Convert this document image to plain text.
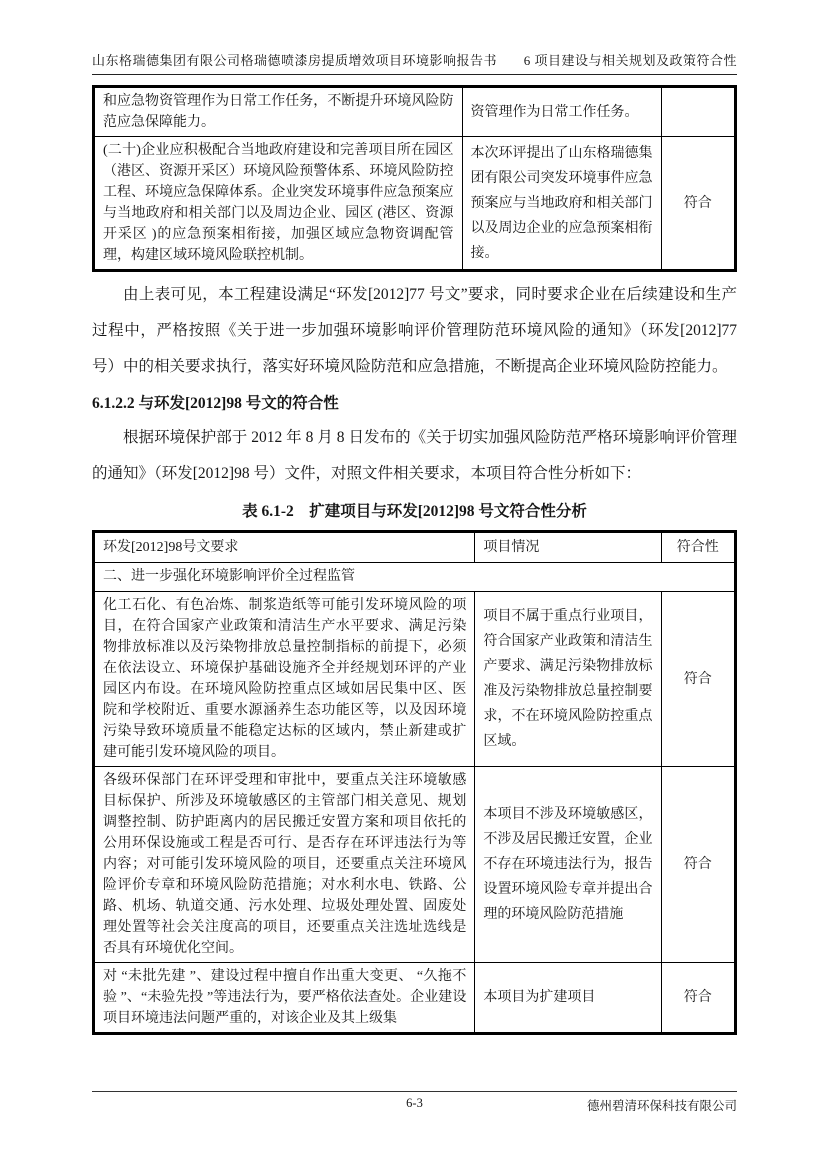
山东格瑞德集团有限公司格瑞德喷漆房提质增效项目环境影响报告书 6 项目建设与相关规划及政策符合性
和应急物资管理作为日常工作任务，不断提升环境风险防范应急保障能力。	资管理作为日常工作任务。	
(二十)企业应积极配合当地政府建设和完善项目所在园区（港区、资源开采区）环境风险预警体系、环境风险防控工程、环境应急保障体系。企业突发环境事件应急预案应与当地政府和相关部门以及周边企业、园区 (港区、资源开采区 )的应急预案相衔接，加强区域应急物资调配管理，构建区域环境风险联控机制。	本次环评提出了山东格瑞德集团有限公司突发环境事件应急预案应与当地政府和相关部门以及周边企业的应急预案相衔接。	符合

由上表可见，本工程建设满足“环发[2012]77 号文”要求，同时要求企业在后续建设和生产过程中，严格按照《关于进一步加强环境影响评价管理防范环境风险的通知》（环发[2012]77 号）中的相关要求执行，落实好环境风险防范和应急措施，不断提高企业环境风险防控能力。

6.1.2.2 与环发[2012]98 号文的符合性

根据环境保护部于 2012 年 8 月 8 日发布的《关于切实加强风险防范严格环境影响评价管理的通知》（环发[2012]98 号）文件，对照文件相关要求，本项目符合性分析如下：

表 6.1-2　扩建项目与环发[2012]98 号文符合性分析
环发[2012]98号文要求	项目情况	符合性
二、进一步强化环境影响评价全过程监管		
化工石化、有色冶炼、制浆造纸等可能引发环境风险的项目，在符合国家产业政策和清洁生产水平要求、满足污染物排放标准以及污染物排放总量控制指标的前提下，必须在依法设立、环境保护基础设施齐全并经规划环评的产业园区内布设。在环境风险防控重点区域如居民集中区、医院和学校附近、重要水源涵养生态功能区等，以及因环境污染导致环境质量不能稳定达标的区域内，禁止新建或扩建可能引发环境风险的项目。	项目不属于重点行业项目，符合国家产业政策和清洁生产要求、满足污染物排放标准及污染物排放总量控制要求，不在环境风险防控重点区域。	符合
各级环保部门在环评受理和审批中，要重点关注环境敏感目标保护、所涉及环境敏感区的主管部门相关意见、规划调整控制、防护距离内的居民搬迁安置方案和项目依托的公用环保设施或工程是否可行、是否存在环评违法行为等内容；对可能引发环境风险的项目，还要重点关注环境风险评价专章和环境风险防范措施；对水利水电、铁路、公路、机场、轨道交通、污水处理、垃圾处理处置、固废处理处置等社会关注度高的项目，还要重点关注选址选线是否具有环境优化空间。	本项目不涉及环境敏感区，不涉及居民搬迁安置，企业不存在环境违法行为，报告设置环境风险专章并提出合理的环境风险防范措施	符合
对 “未批先建 ”、建设过程中擅自作出重大变更、 “久拖不验 ”、“未验先投 ”等违法行为，要严格依法查处。企业建设项目环境违法问题严重的，对该企业及其上级集	本项目为扩建项目	符合
6-3	德州碧清环保科技有限公司
